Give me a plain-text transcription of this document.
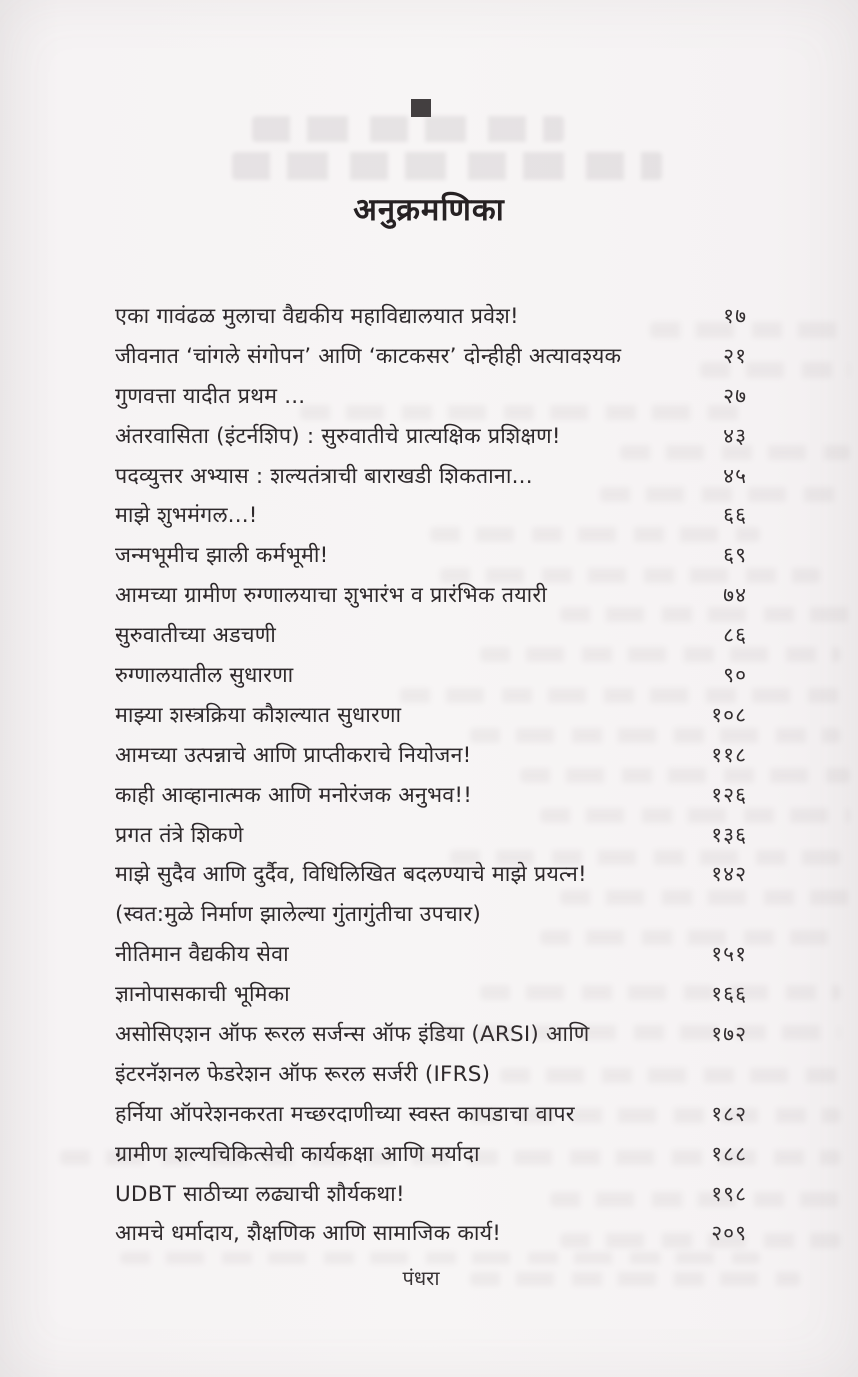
अनुक्रमणिका
एका गावंढळ मुलाचा वैद्यकीय महाविद्यालयात प्रवेश!	१७
जीवनात ‘चांगले संगोपन’ आणि ‘काटकसर’ दोन्हीही अत्यावश्यक	२१
गुणवत्ता यादीत प्रथम ...	२७
अंतरवासिता (इंटर्नशिप) : सुरुवातीचे प्रात्यक्षिक प्रशिक्षण!	४३
पदव्युत्तर अभ्यास : शल्यतंत्राची बाराखडी शिकताना...	४५
माझे शुभमंगल...!	६६
जन्मभूमीच झाली कर्मभूमी!	६९
आमच्या ग्रामीण रुग्णालयाचा शुभारंभ व प्रारंभिक तयारी	७४
सुरुवातीच्या अडचणी	८६
रुग्णालयातील सुधारणा	९०
माझ्या शस्त्रक्रिया कौशल्यात सुधारणा	१०८
आमच्या उत्पन्नाचे आणि प्राप्तीकराचे नियोजन!	११८
काही आव्हानात्मक आणि मनोरंजक अनुभव!!	१२६
प्रगत तंत्रे शिकणे	१३६
माझे सुदैव आणि दुर्दैव, विधिलिखित बदलण्याचे माझे प्रयत्न!	१४२
(स्वत:मुळे निर्माण झालेल्या गुंतागुंतीचा उपचार)
नीतिमान वैद्यकीय सेवा	१५१
ज्ञानोपासकाची भूमिका	१६६
असोसिएशन ऑफ रूरल सर्जन्स ऑफ इंडिया (ARSI) आणि	१७२
इंटरनॅशनल फेडरेशन ऑफ रूरल सर्जरी (IFRS)
हर्निया ऑपरेशनकरता मच्छरदाणीच्या स्वस्त कापडाचा वापर	१८२
ग्रामीण शल्यचिकित्सेची कार्यकक्षा आणि मर्यादा	१८८
UDBT साठीच्या लढ्याची शौर्यकथा!	१९८
आमचे धर्मादाय, शैक्षणिक आणि सामाजिक कार्य!	२०९
पंधरा
